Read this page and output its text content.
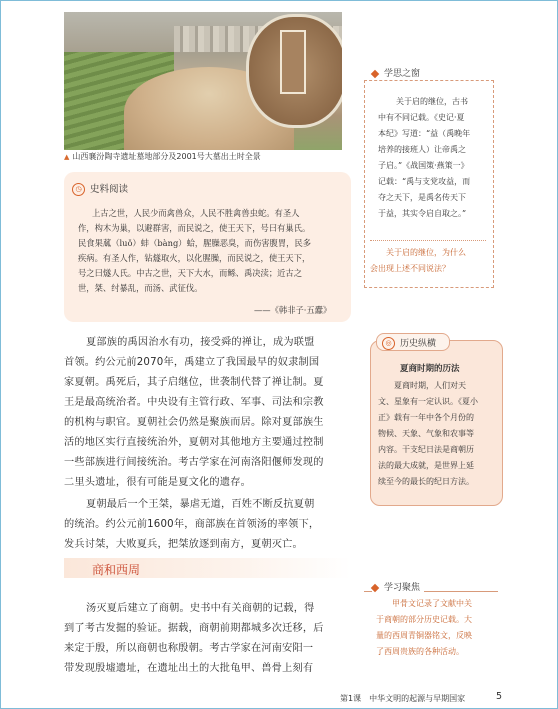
▲ 山西襄汾陶寺遗址墓地部分及2001号大墓出土时全景
◷ 史料阅读
上古之世，人民少而禽兽众，人民不胜禽兽虫蛇。有圣人
作，构木为巢，以避群害，而民说之，使王天下，号曰有巢氏。
民食果蓏（luǒ）蚌（bàng）蛤，腥臊恶臭，而伤害腹胃，民多
疾病。有圣人作，钻燧取火，以化腥臊，而民说之，使王天下，
号之曰燧人氏。中古之世，天下大水，而鲧、禹决渎；近古之
世，桀、纣暴乱，而汤、武征伐。
——《韩非子·五蠹》
夏部族的禹因治水有功，接受舜的禅让，成为联盟
首领。约公元前2070年，禹建立了我国最早的奴隶制国
家夏朝。禹死后，其子启继位，世袭制代替了禅让制。夏
王是最高统治者。中央设有主管行政、军事、司法和宗教
的机构与职官。夏朝社会仍然是聚族而居。除对夏部族生
活的地区实行直接统治外，夏朝对其他地方主要通过控制
一些部族进行间接统治。考古学家在河南洛阳偃师发现的
二里头遗址，很有可能是夏文化的遗存。
夏朝最后一个王桀，暴虐无道，百姓不断反抗夏朝
的统治。约公元前1600年，商部族在首领汤的率领下，
发兵讨桀，大败夏兵，把桀放逐到南方，夏朝灭亡。
商和西周
汤灭夏后建立了商朝。史书中有关商朝的记载，得
到了考古发掘的验证。据载，商朝前期都城多次迁移，后
来定于殷，所以商朝也称殷朝。考古学家在河南安阳一
带发现殷墟遗址，在遗址出土的大批龟甲、兽骨上刻有
学思之窗
关于启的继位，古书
中有不同记载。《史记·夏
本纪》写道：“益（禹晚年
培养的接班人）让帝禹之
子启。”《战国策·燕策一》
记载：“禹与支党攻益，而
夺之天下，是禹名传天下
于益，其实令启自取之。”
关于启的继位，为什么
会出现上述不同说法？
◎ 历史纵横
夏商时期的历法
夏商时期，人们对天
文、星象有一定认识。《夏小
正》载有一年中各个月份的
物候、天象、气象和农事等
内容。干支纪日法是商朝历
法的最大成就，是世界上延
续至今的最长的纪日方法。
学习聚焦
甲骨文记录了文献中关
于商朝的部分历史记载。大
量的西周青铜器铭文，反映
了西周贵族的各种活动。
第1课　中华文明的起源与早期国家	5
